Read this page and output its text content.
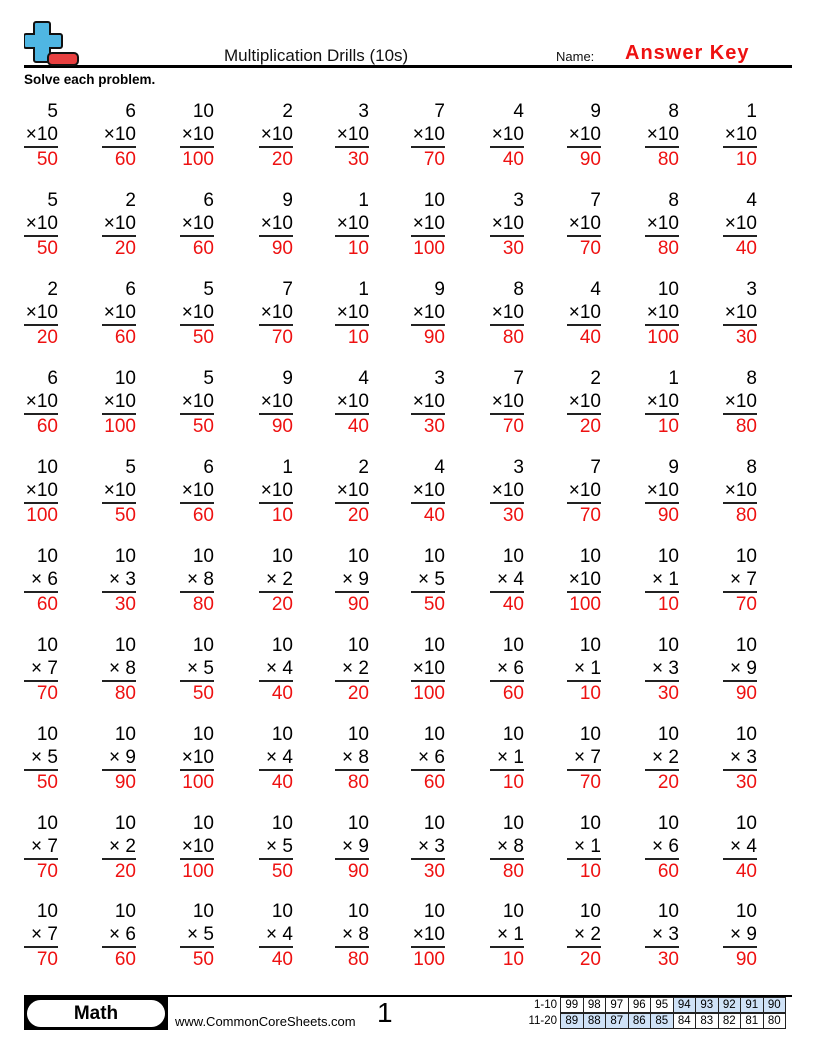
Multiplication Drills (10s)	Name: Answer Key
Solve each problem.
5
×10
50
6
×10
60
10
×10
100
2
×10
20
3
×10
30
7
×10
70
4
×10
40
9
×10
90
8
×10
80
1
×10
10
5
×10
50
2
×10
20
6
×10
60
9
×10
90
1
×10
10
10
×10
100
3
×10
30
7
×10
70
8
×10
80
4
×10
40
2
×10
20
6
×10
60
5
×10
50
7
×10
70
1
×10
10
9
×10
90
8
×10
80
4
×10
40
10
×10
100
3
×10
30
6
×10
60
10
×10
100
5
×10
50
9
×10
90
4
×10
40
3
×10
30
7
×10
70
2
×10
20
1
×10
10
8
×10
80
10
×10
100
5
×10
50
6
×10
60
1
×10
10
2
×10
20
4
×10
40
3
×10
30
7
×10
70
9
×10
90
8
×10
80
10
× 6
60
10
× 3
30
10
× 8
80
10
× 2
20
10
× 9
90
10
× 5
50
10
× 4
40
10
×10
100
10
× 1
10
10
× 7
70
10
× 7
70
10
× 8
80
10
× 5
50
10
× 4
40
10
× 2
20
10
×10
100
10
× 6
60
10
× 1
10
10
× 3
30
10
× 9
90
10
× 5
50
10
× 9
90
10
×10
100
10
× 4
40
10
× 8
80
10
× 6
60
10
× 1
10
10
× 7
70
10
× 2
20
10
× 3
30
10
× 7
70
10
× 2
20
10
×10
100
10
× 5
50
10
× 9
90
10
× 3
30
10
× 8
80
10
× 1
10
10
× 6
60
10
× 4
40
10
× 7
70
10
× 6
60
10
× 5
50
10
× 4
40
10
× 8
80
10
×10
100
10
× 1
10
10
× 2
20
10
× 3
30
10
× 9
90
Math	www.CommonCoreSheets.com 1	1-10 99 98 97 96 95 94 93 92 91 90
11-20 89 88 87 86 85 84 83 82 81 80
